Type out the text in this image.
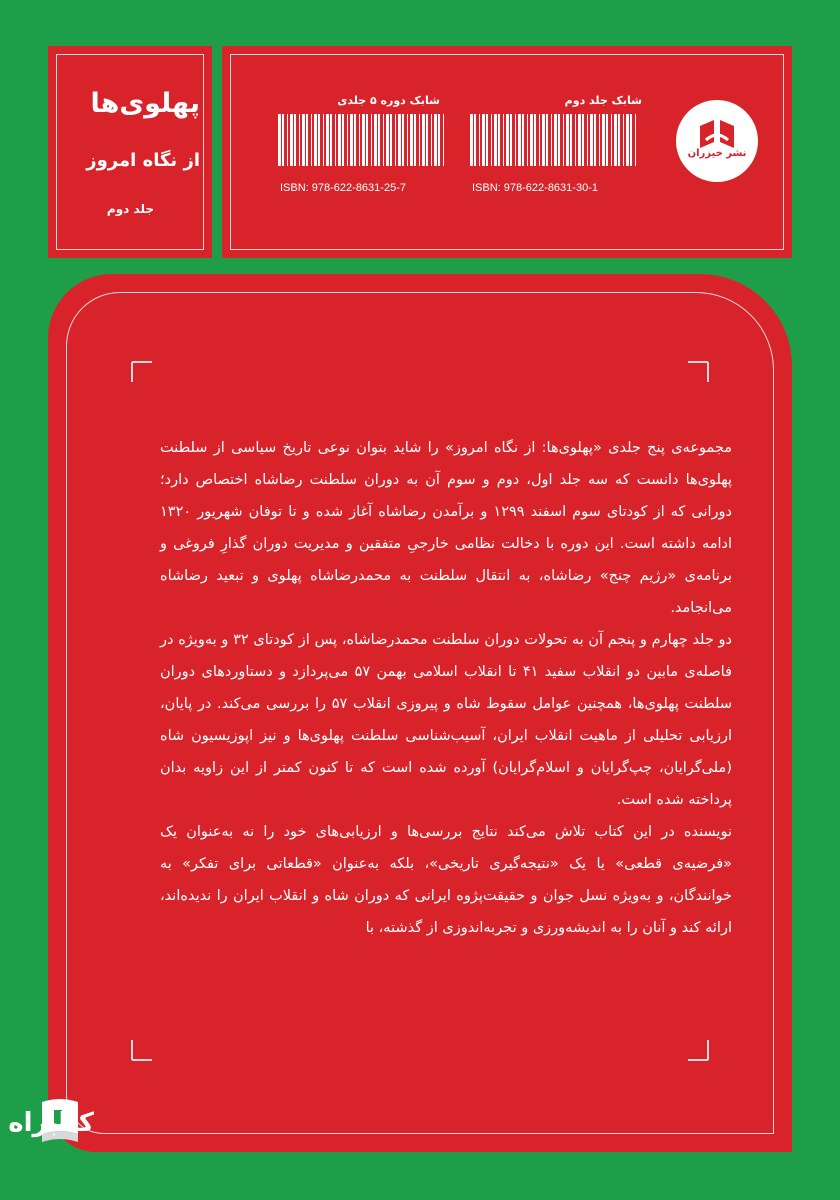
پهلوی‌ها
از نگاه امروز
جلد دوم
نشر خیزران
شابک جلد دوم
ISBN: 978-622-8631-30-1
شابک دوره ۵ جلدی
ISBN: 978-622-8631-25-7

مجموعه‌ی پنج جلدی «پهلوی‌ها: از نگاه امروز» را شاید بتوان نوعی تاریخ سیاسی از سلطنت پهلوی‌ها دانست که سه جلد اول، دوم و سوم آن به دوران سلطنت رضاشاه اختصاص دارد؛ دورانی که از کودتای سوم اسفند ۱۲۹۹ و برآمدن رضاشاه آغاز شده و تا توفان شهریور ۱۳۲۰ ادامه داشته است. این دوره با دخالت نظامی خارجیِ متفقین و مدیریت دوران گذارِ فروغی و برنامه‌ی «رژیم چنج» رضاشاه، به انتقال سلطنت به محمدرضاشاه پهلوی و تبعید رضاشاه می‌انجامد.

دو جلد چهارم و پنجم آن به تحولات دوران سلطنت محمدرضاشاه، پس از کودتای ۳۲ و به‌ویژه در فاصله‌ی مابین دو انقلاب سفید ۴۱ تا انقلاب اسلامی بهمن ۵۷ می‌پردازد و دستاوردهای دوران سلطنت پهلوی‌ها، همچنین عوامل سقوط شاه و پیروزی انقلاب ۵۷ را بررسی می‌کند. در پایان، ارزیابی تحلیلی از ماهیت انقلاب ایران، آسیب‌شناسی سلطنت پهلوی‌ها و نیز اپوزیسیون شاه (ملی‌گرایان، چپ‌گرایان و اسلام‌گرایان) آورده شده است که تا کنون کمتر از این زاویه بدان پرداخته شده است.

نویسنده در این کتاب تلاش می‌کند نتایج بررسی‌ها و ارزیابی‌های خود را نه به‌عنوان یک «فرضیه‌ی قطعی» یا یک «نتیجه‌گیری تاریخی»، بلکه به‌عنوان «قطعاتی برای تفکر» به خوانندگان، و به‌ویژه نسل جوان و حقیقت‌پژوه ایرانی که دوران شاه و انقلاب ایران را ندیده‌اند، ارائه کند و آنان را به اندیشه‌ورزی و تجربه‌اندوزی از گذشته، با

کتابراه
